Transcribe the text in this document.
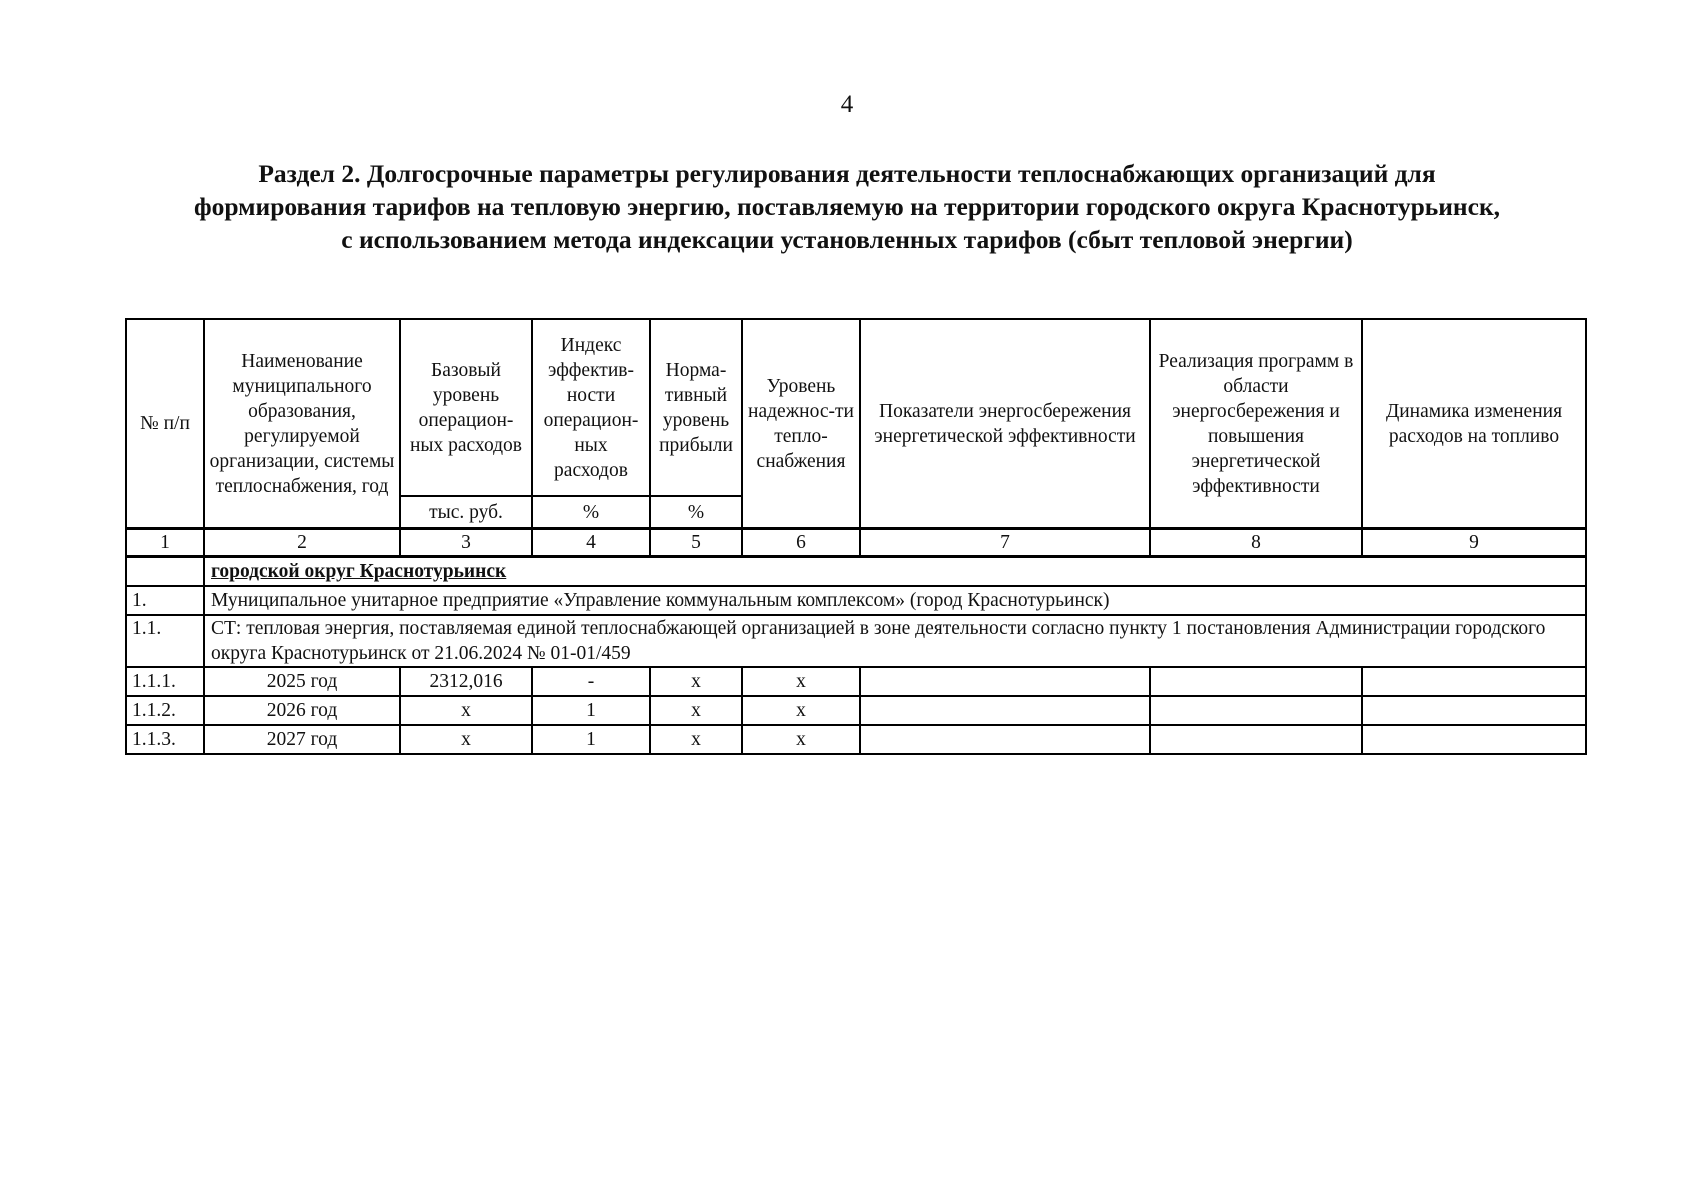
4
Раздел 2. Долгосрочные параметры регулирования деятельности теплоснабжающих организаций для
формирования тарифов на тепловую энергию, поставляемую на территории городского округа Краснотурьинск,
с использованием метода индексации установленных тарифов (сбыт тепловой энергии)
№ п/п	Наименование муниципального образования, регулируемой организации, системы теплоснабжения, год	Базовый уровень операцион-ных расходов	Индекс эффектив-ности операцион-ных расходов	Норма-тивный уровень прибыли	Уровень надежнос-ти тепло-снабжения	Показатели энергосбережения энергетической эффективности	Реализация программ в области энергосбережения и повышения энергетической эффективности	Динамика изменения расходов на топливо
		тыс. руб.	%	%				
1	2	3	4	5	6	7	8	9
	городской округ Краснотурьинск							
1.	Муниципальное унитарное предприятие «Управление коммунальным комплексом» (город Краснотурьинск)							
1.1.	СТ: тепловая энергия, поставляемая единой теплоснабжающей организацией в зоне деятельности согласно пункту 1 постановления Администрации городского округа Краснотурьинск от 21.06.2024 № 01-01/459							
1.1.1.	2025 год	2312,016	-	x	x			
1.1.2.	2026 год	x	1	x	x			
1.1.3.	2027 год	x	1	x	x			
